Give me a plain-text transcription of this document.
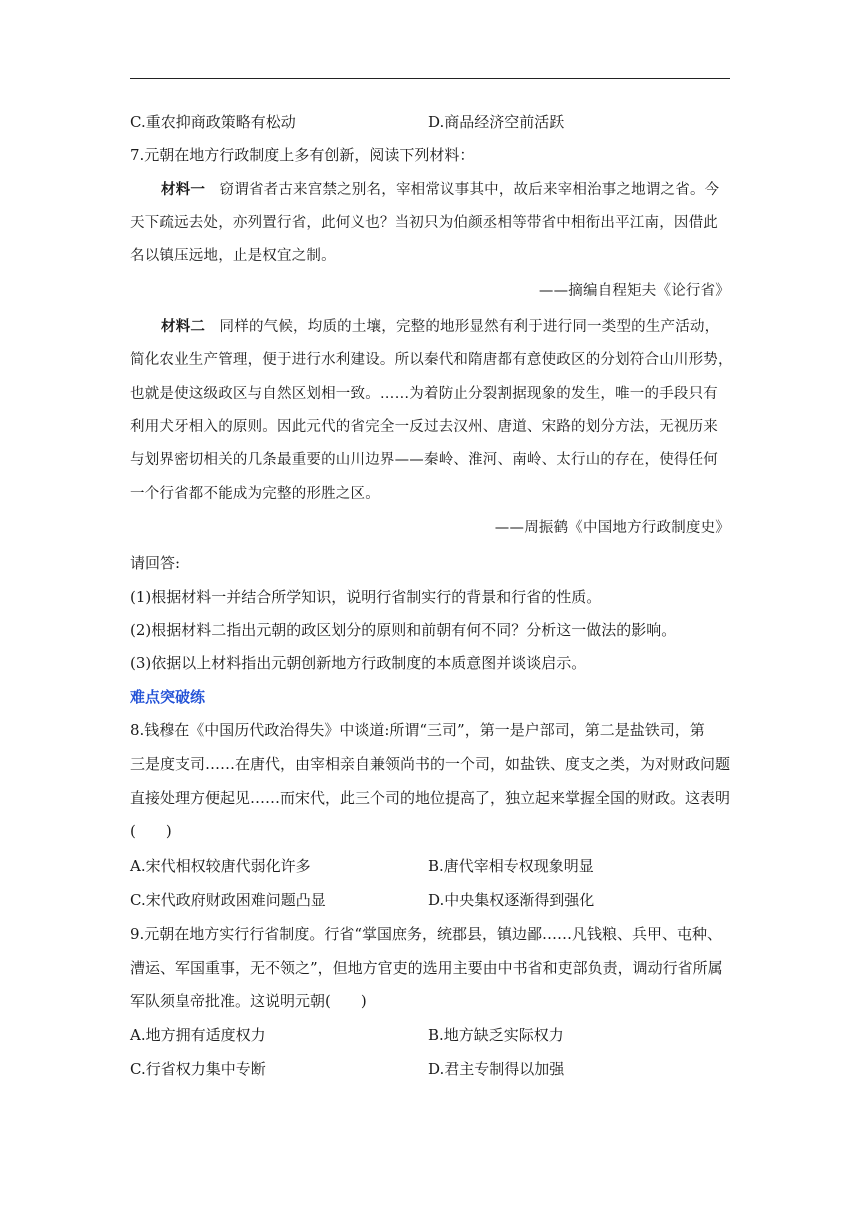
C.重农抑商政策略有松动	D.商品经济空前活跃
7.元朝在地方行政制度上多有创新，阅读下列材料：
材料一 窃谓省者古来宫禁之别名，宰相常议事其中，故后来宰相治事之地谓之省。今
天下疏远去处，亦列置行省，此何义也？当初只为伯颜丞相等带省中相衔出平江南，因借此
名以镇压远地，止是权宜之制。
——摘编自程矩夫《论行省》
材料二 同样的气候，均质的土壤，完整的地形显然有利于进行同一类型的生产活动，
简化农业生产管理，便于进行水利建设。所以秦代和隋唐都有意使政区的分划符合山川形势，
也就是使这级政区与自然区划相一致。……为着防止分裂割据现象的发生，唯一的手段只有
利用犬牙相入的原则。因此元代的省完全一反过去汉州、唐道、宋路的划分方法，无视历来
与划界密切相关的几条最重要的山川边界——秦岭、淮河、南岭、太行山的存在，使得任何
一个行省都不能成为完整的形胜之区。
——周振鹤《中国地方行政制度史》
请回答:
(1)根据材料一并结合所学知识，说明行省制实行的背景和行省的性质。
(2)根据材料二指出元朝的政区划分的原则和前朝有何不同？分析这一做法的影响。
(3)依据以上材料指出元朝创新地方行政制度的本质意图并谈谈启示。
难点突破练
8.钱穆在《中国历代政治得失》中谈道:所谓“三司”，第一是户部司，第二是盐铁司，第
三是度支司……在唐代，由宰相亲自兼领尚书的一个司，如盐铁、度支之类，为对财政问题
直接处理方便起见……而宋代，此三个司的地位提高了，独立起来掌握全国的财政。这表明
(　　)
A.宋代相权较唐代弱化许多	B.唐代宰相专权现象明显
C.宋代政府财政困难问题凸显	D.中央集权逐渐得到强化
9.元朝在地方实行行省制度。行省“掌国庶务，统郡县，镇边鄙……凡钱粮、兵甲、屯种、
漕运、军国重事，无不领之”，但地方官吏的选用主要由中书省和吏部负责，调动行省所属
军队须皇帝批准。这说明元朝(　　)
A.地方拥有适度权力	B.地方缺乏实际权力
C.行省权力集中专断	D.君主专制得以加强
